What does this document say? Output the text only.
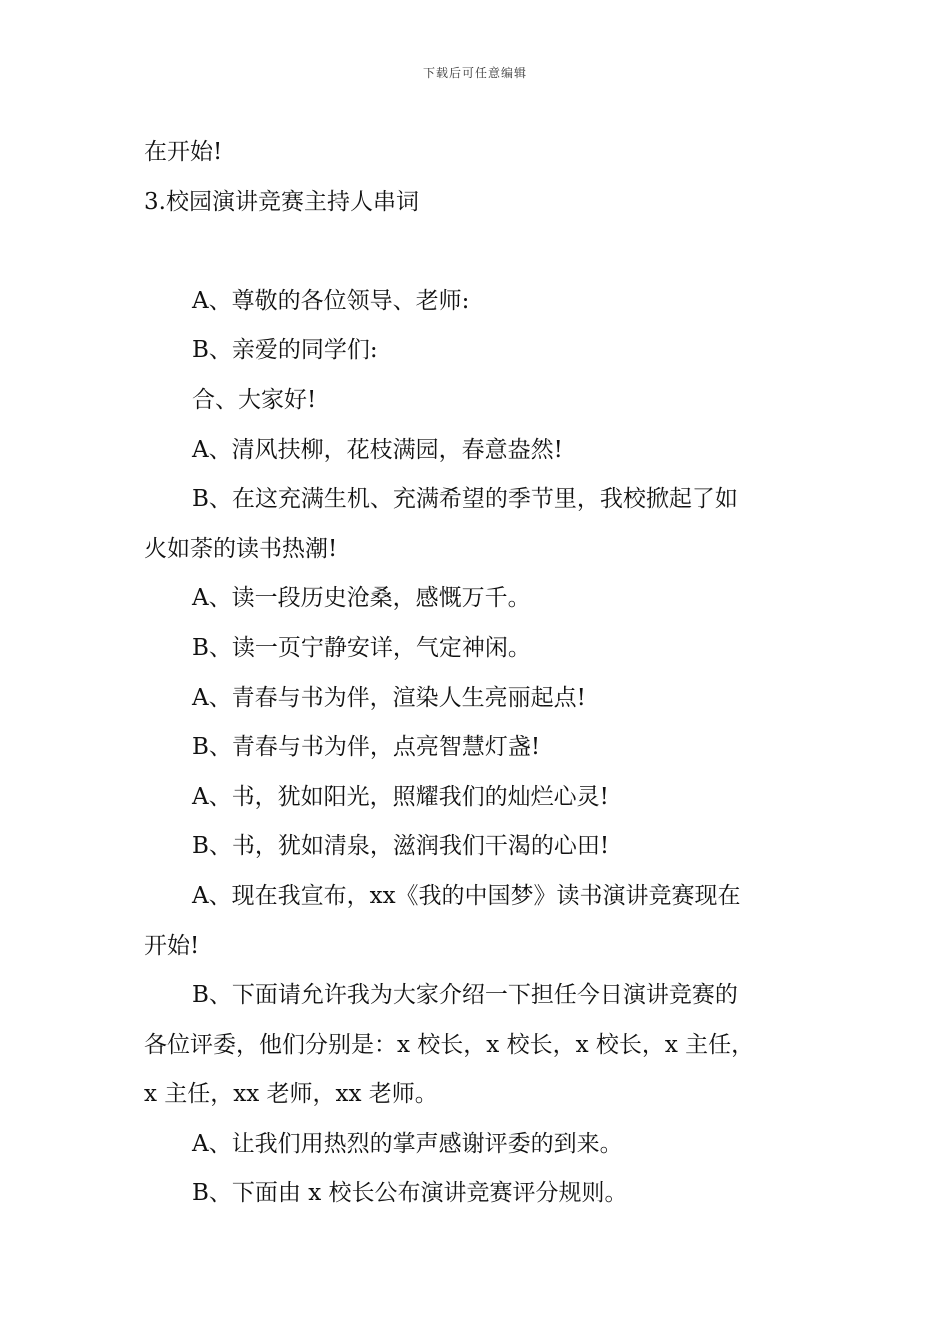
下载后可任意编辑
在开始!
3.校园演讲竞赛主持人串词
A、尊敬的各位领导、老师:
B、亲爱的同学们:
合、大家好!
A、清风扶柳，花枝满园，春意盎然!
B、在这充满生机、充满希望的季节里，我校掀起了如
火如荼的读书热潮!
A、读一段历史沧桑，感慨万千。
B、读一页宁静安详，气定神闲。
A、青春与书为伴，渲染人生亮丽起点!
B、青春与书为伴，点亮智慧灯盏!
A、书，犹如阳光，照耀我们的灿烂心灵!
B、书，犹如清泉，滋润我们干渴的心田!
A、现在我宣布，xx《我的中国梦》读书演讲竞赛现在
开始!
B、下面请允许我为大家介绍一下担任今日演讲竞赛的
各位评委，他们分别是：x 校长，x 校长，x 校长，x 主任，
x 主任，xx 老师，xx 老师。
A、让我们用热烈的掌声感谢评委的到来。
B、下面由 x 校长公布演讲竞赛评分规则。
